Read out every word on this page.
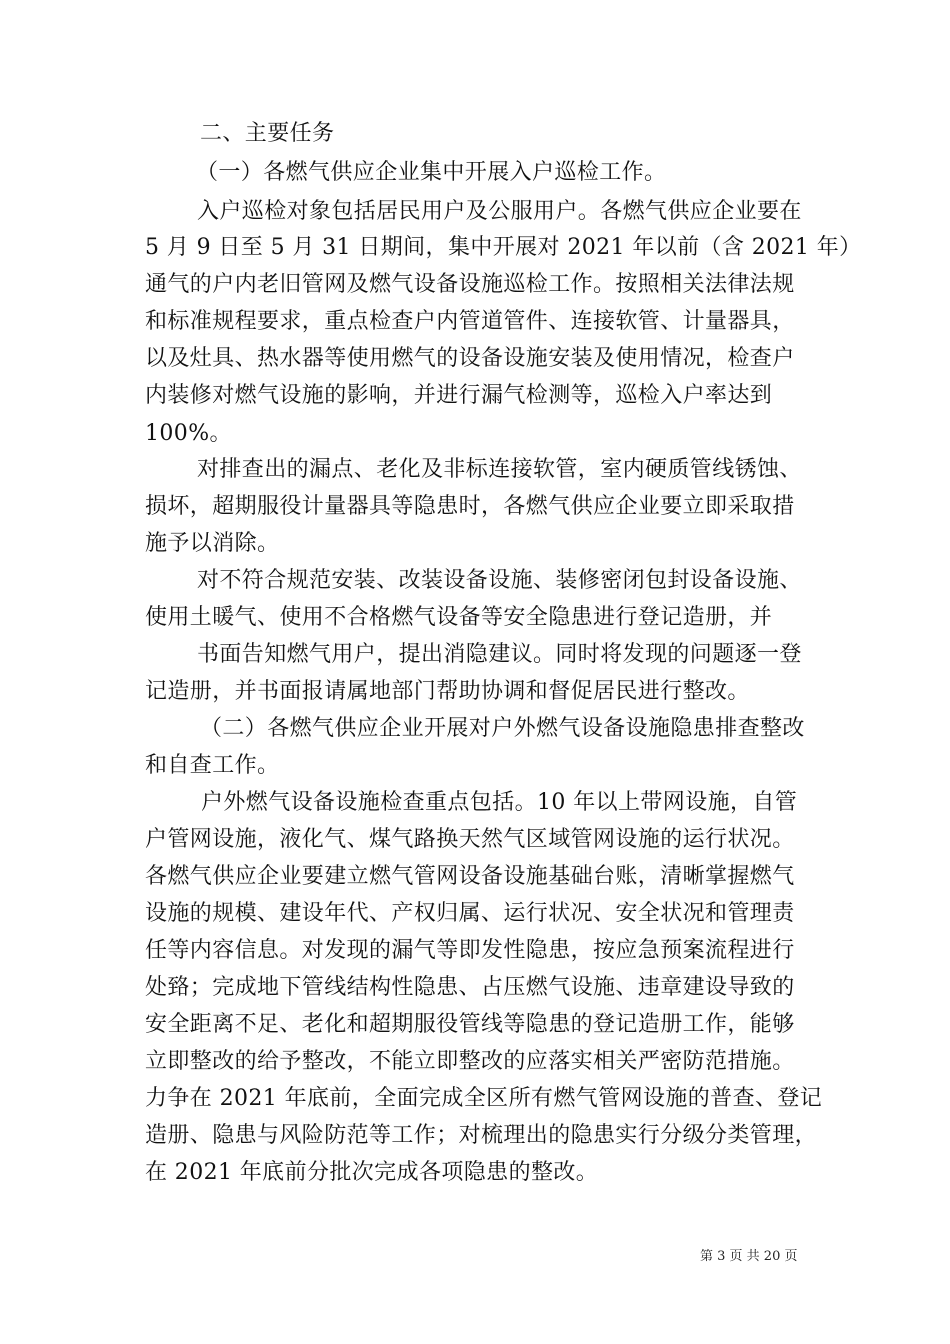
二、主要任务
（一）各燃气供应企业集中开展入户巡检工作。
入户巡检对象包括居民用户及公服用户。各燃气供应企业要在
5 月 9 日至 5 月 31 日期间，集中开展对 2021 年以前（含 2021 年）
通气的户内老旧管网及燃气设备设施巡检工作。按照相关法律法规
和标准规程要求，重点检查户内管道管件、连接软管、计量器具，
以及灶具、热水器等使用燃气的设备设施安装及使用情况，检查户
内装修对燃气设施的影响，并进行漏气检测等，巡检入户率达到
100%。
对排查出的漏点、老化及非标连接软管，室内硬质管线锈蚀、
损坏，超期服役计量器具等隐患时，各燃气供应企业要立即采取措
施予以消除。
对不符合规范安装、改装设备设施、装修密闭包封设备设施、
使用土暖气、使用不合格燃气设备等安全隐患进行登记造册，并
书面告知燃气用户，提出消隐建议。同时将发现的问题逐一登
记造册，并书面报请属地部门帮助协调和督促居民进行整改。
（二）各燃气供应企业开展对户外燃气设备设施隐患排查整改
和自查工作。
户外燃气设备设施检查重点包括。10 年以上带网设施，自管
户管网设施，液化气、煤气路换天然气区域管网设施的运行状况。
各燃气供应企业要建立燃气管网设备设施基础台账，清晰掌握燃气
设施的规模、建设年代、产权归属、运行状况、安全状况和管理责
任等内容信息。对发现的漏气等即发性隐患，按应急预案流程进行
处臵；完成地下管线结构性隐患、占压燃气设施、违章建设导致的
安全距离不足、老化和超期服役管线等隐患的登记造册工作，能够
立即整改的给予整改，不能立即整改的应落实相关严密防范措施。
力争在 2021 年底前，全面完成全区所有燃气管网设施的普查、登记
造册、隐患与风险防范等工作；对梳理出的隐患实行分级分类管理，
在 2021 年底前分批次完成各项隐患的整改。
第 3 页 共 20 页
